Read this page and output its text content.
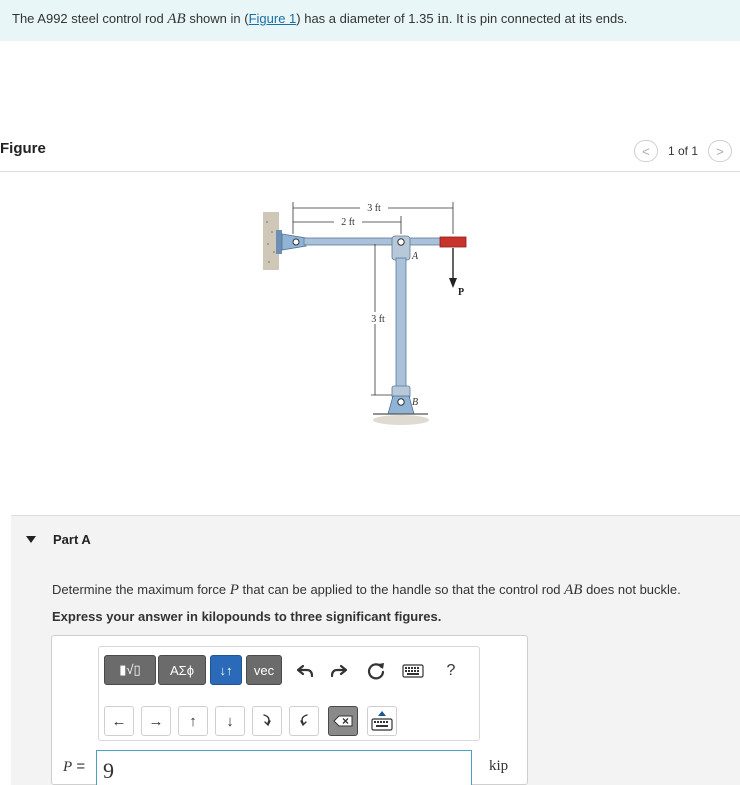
The A992 steel control rod AB shown in (Figure 1) has a diameter of 1.35 in. It is pin connected at its ends.
Figure	<	1 of 1	>
3 ft
2 ft
A
P
3 ft
B
Part A
Determine the maximum force P that can be applied to the handle so that the control rod AB does not buckle.
Express your answer in kilopounds to three significant figures.
▮√▯	ΑΣϕ	↓↑	vec	?
←	→	↑	↓
P =
9	kip
